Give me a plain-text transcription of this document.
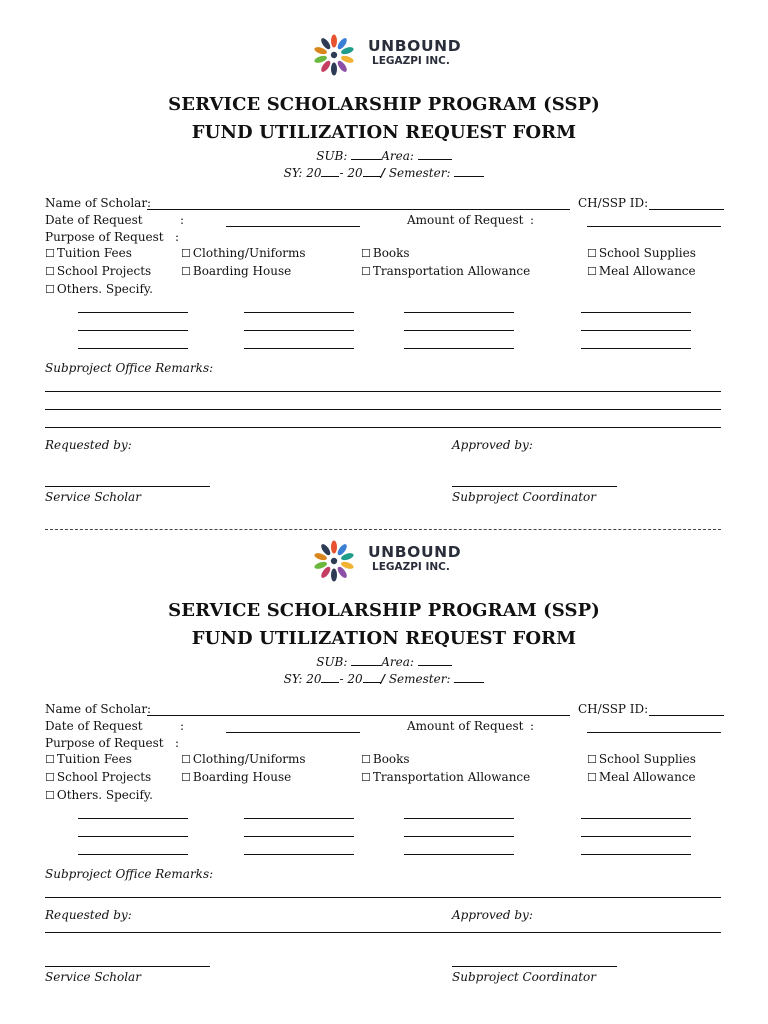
UNBOUND
LEGAZPI INC.
SERVICE SCHOLARSHIP PROGRAM (SSP)
FUND UTILIZATION REQUEST FORM
SUB:	Area:
SY: 20 - 20 / Semester:
Name of Scholar:	CH/SSP ID:
Date of Request	:	Amount of Request :
Purpose of Request :
☐ Tuition Fees	☐ Clothing/Uniforms	☐ Books	☐ School Supplies
☐ School Projects	☐ Boarding House	☐ Transportation Allowance	☐ Meal Allowance
☐ Others. Specify.
Subproject Office Remarks:
Requested by:	Approved by:
Service Scholar	Subproject Coordinator
UNBOUND
LEGAZPI INC.
SERVICE SCHOLARSHIP PROGRAM (SSP)
FUND UTILIZATION REQUEST FORM
SUB:	Area:
SY: 20 - 20 / Semester:
Name of Scholar:	CH/SSP ID:
Date of Request	:	Amount of Request :
Purpose of Request :
☐ Tuition Fees	☐ Clothing/Uniforms	☐ Books	☐ School Supplies
☐ School Projects	☐ Boarding House	☐ Transportation Allowance	☐ Meal Allowance
☐ Others. Specify.
Subproject Office Remarks:
Requested by:	Approved by:
Service Scholar	Subproject Coordinator
